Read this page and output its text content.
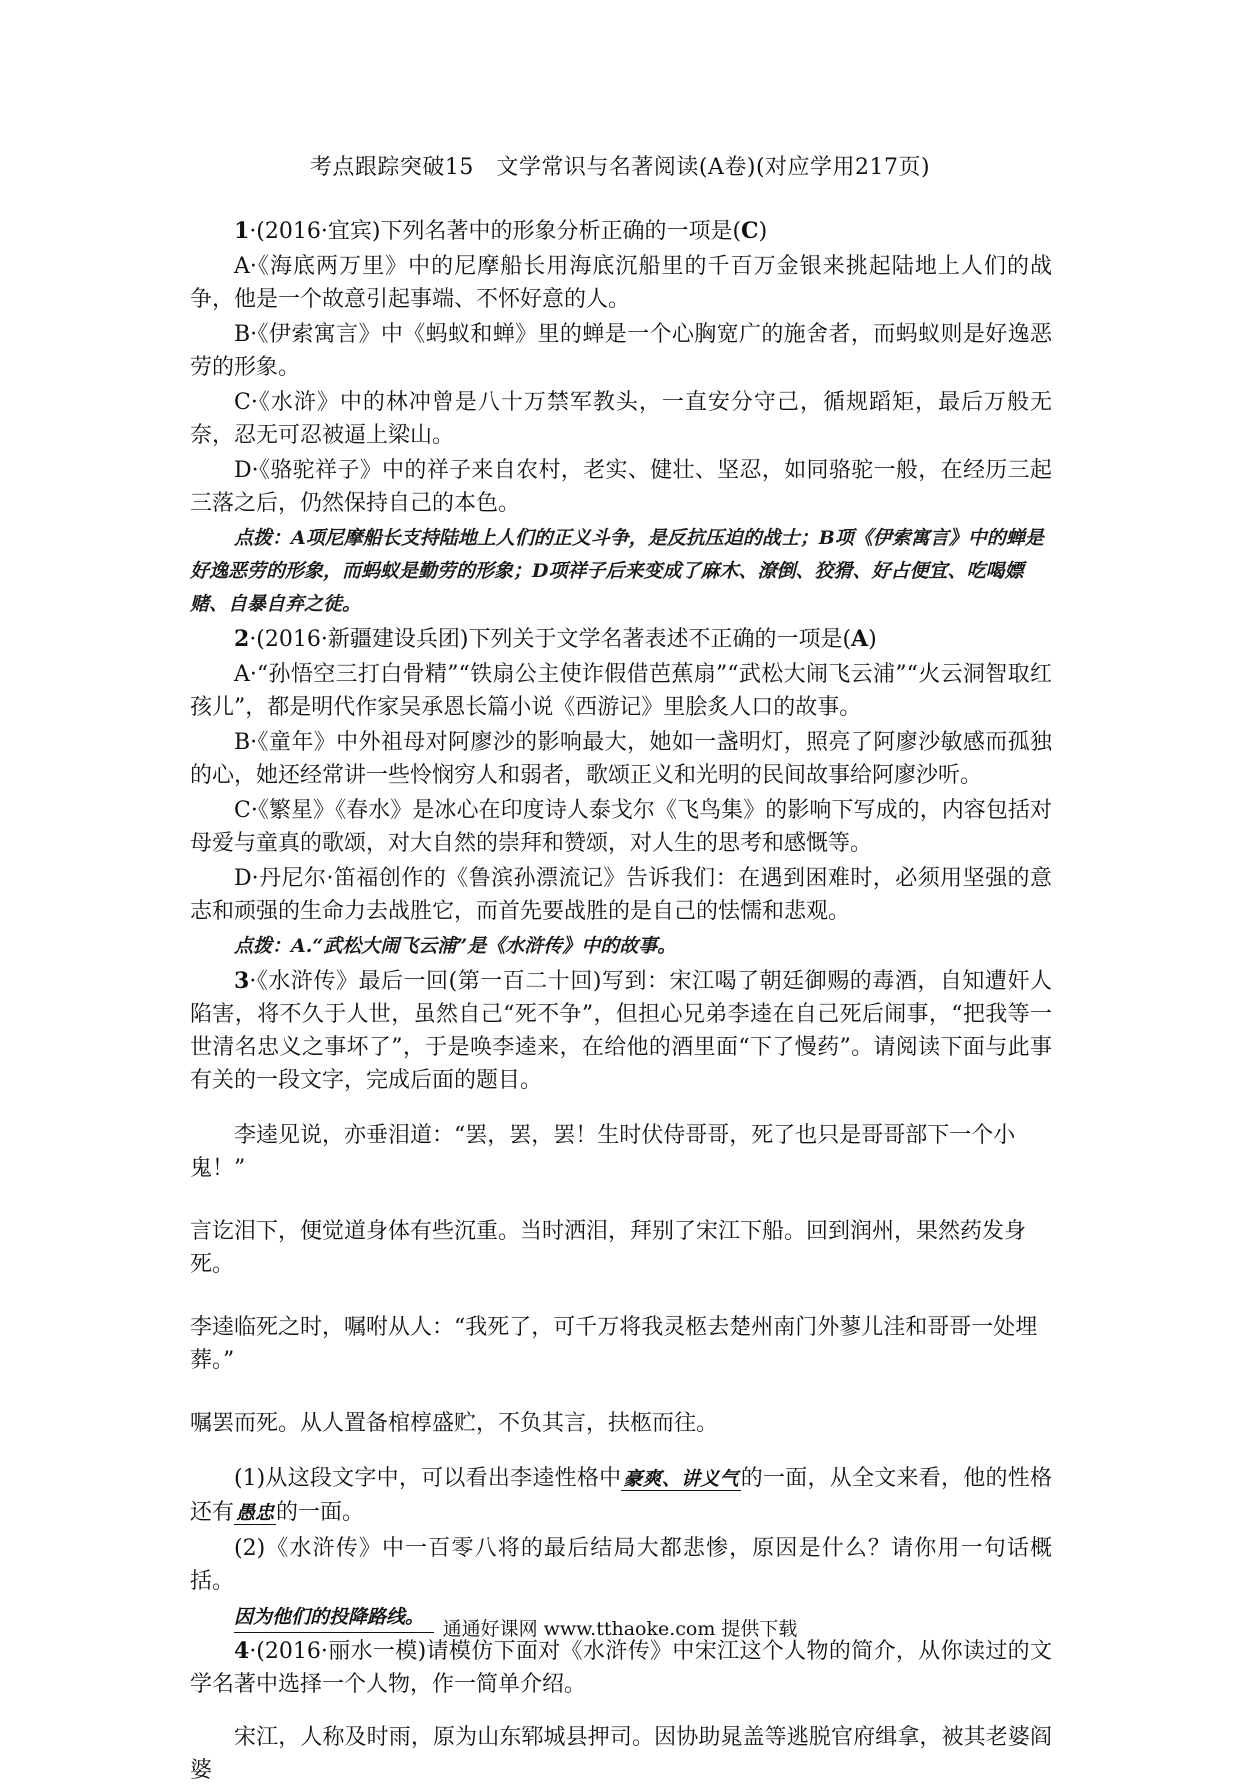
考点跟踪突破15　文学常识与名著阅读(A卷)(对应学用217页)

1·(2016·宜宾)下列名著中的形象分析正确的一项是(C)

A·《海底两万里》中的尼摩船长用海底沉船里的千百万金银来挑起陆地上人们的战争，他是一个故意引起事端、不怀好意的人。

B·《伊索寓言》中《蚂蚁和蝉》里的蝉是一个心胸宽广的施舍者，而蚂蚁则是好逸恶劳的形象。

C·《水浒》中的林冲曾是八十万禁军教头，一直安分守己，循规蹈矩，最后万般无奈，忍无可忍被逼上梁山。

D·《骆驼祥子》中的祥子来自农村，老实、健壮、坚忍，如同骆驼一般，在经历三起三落之后，仍然保持自己的本色。

点拨：A项尼摩船长支持陆地上人们的正义斗争，是反抗压迫的战士；B项《伊索寓言》中的蝉是好逸恶劳的形象，而蚂蚁是勤劳的形象；D项祥子后来变成了麻木、潦倒、狡猾、好占便宜、吃喝嫖赌、自暴自弃之徒。

2·(2016·新疆建设兵团)下列关于文学名著表述不正确的一项是(A)

A·“孙悟空三打白骨精”“铁扇公主使诈假借芭蕉扇”“武松大闹飞云浦”“火云洞智取红孩儿”，都是明代作家吴承恩长篇小说《西游记》里脍炙人口的故事。

B·《童年》中外祖母对阿廖沙的影响最大，她如一盏明灯，照亮了阿廖沙敏感而孤独的心，她还经常讲一些怜悯穷人和弱者，歌颂正义和光明的民间故事给阿廖沙听。

C·《繁星》《春水》是冰心在印度诗人泰戈尔《飞鸟集》的影响下写成的，内容包括对母爱与童真的歌颂，对大自然的崇拜和赞颂，对人生的思考和感慨等。

D·丹尼尔·笛福创作的《鲁滨孙漂流记》告诉我们：在遇到困难时，必须用坚强的意志和顽强的生命力去战胜它，而首先要战胜的是自己的怯懦和悲观。

点拨：A.“武松大闹飞云浦”是《水浒传》中的故事。

3·《水浒传》最后一回(第一百二十回)写到：宋江喝了朝廷御赐的毒酒，自知遭奸人陷害，将不久于人世，虽然自己“死不争”，但担心兄弟李逵在自己死后闹事，“把我等一世清名忠义之事坏了”，于是唤李逵来，在给他的酒里面“下了慢药”。请阅读下面与此事有关的一段文字，完成后面的题目。

李逵见说，亦垂泪道：“罢，罢，罢！生时伏侍哥哥，死了也只是哥哥部下一个小鬼！”

言讫泪下，便觉道身体有些沉重。当时洒泪，拜别了宋江下船。回到润州，果然药发身死。

李逵临死之时，嘱咐从人：“我死了，可千万将我灵柩去楚州南门外蓼儿洼和哥哥一处埋葬。”

嘱罢而死。从人置备棺椁盛贮，不负其言，扶柩而往。

(1)从这段文字中，可以看出李逵性格中 豪爽、讲义气的一面，从全文来看，他的性格还有 愚忠的一面。

(2)《水浒传》中一百零八将的最后结局大都悲惨，原因是什么？请你用一句话概括。

因为他们的投降路线。

4·(2016·丽水一模)请模仿下面对《水浒传》中宋江这个人物的简介，从你读过的文学名著中选择一个人物，作一简单介绍。

宋江，人称及时雨，原为山东郓城县押司。因协助晁盖等逃脱官府缉拿，被其老婆阎婆

通通好课网 www.tthaoke.com 提供下载
